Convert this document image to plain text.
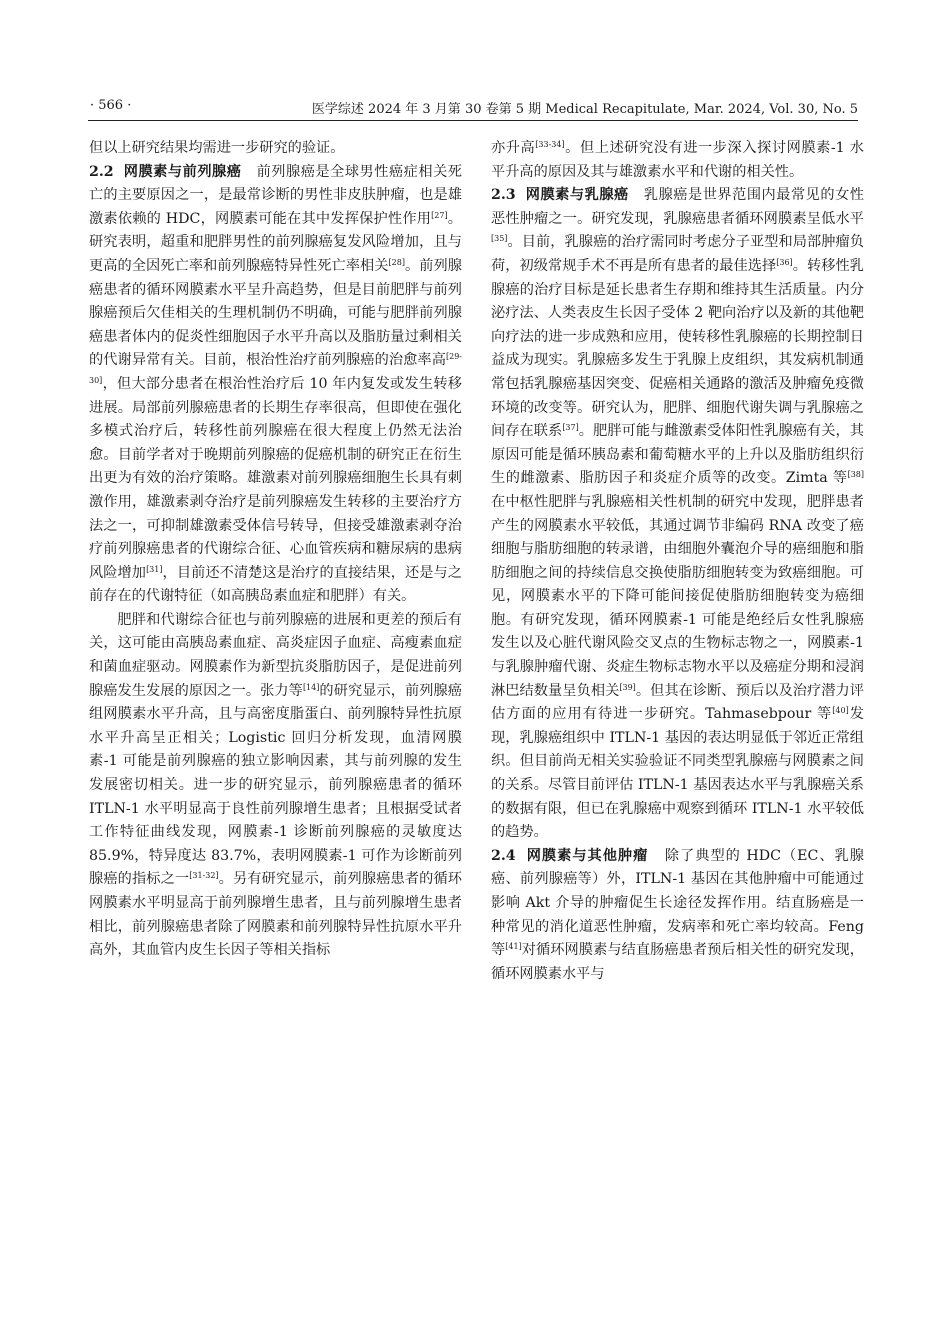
· 566 ·	医学综述 2024 年 3 月第 30 卷第 5 期 Medical Recapitulate, Mar. 2024, Vol. 30, No. 5

但以上研究结果均需进一步研究的验证。

2.2 网膜素与前列腺癌 前列腺癌是全球男性癌症相关死亡的主要原因之一，是最常诊断的男性非皮肤肿瘤，也是雄激素依赖的 HDC，网膜素可能在其中发挥保护性作用[27]。研究表明，超重和肥胖男性的前列腺癌复发风险增加，且与更高的全因死亡率和前列腺癌特异性死亡率相关[28]。前列腺癌患者的循环网膜素水平呈升高趋势，但是目前肥胖与前列腺癌预后欠佳相关的生理机制仍不明确，可能与肥胖前列腺癌患者体内的促炎性细胞因子水平升高以及脂肪量过剩相关的代谢异常有关。目前，根治性治疗前列腺癌的治愈率高[29-30]，但大部分患者在根治性治疗后 10 年内复发或发生转移进展。局部前列腺癌患者的长期生存率很高，但即使在强化多模式治疗后，转移性前列腺癌在很大程度上仍然无法治愈。目前学者对于晚期前列腺癌的促癌机制的研究正在衍生出更为有效的治疗策略。雄激素对前列腺癌细胞生长具有刺激作用，雄激素剥夺治疗是前列腺癌发生转移的主要治疗方法之一，可抑制雄激素受体信号转导，但接受雄激素剥夺治疗前列腺癌患者的代谢综合征、心血管疾病和糖尿病的患病风险增加[31]，目前还不清楚这是治疗的直接结果，还是与之前存在的代谢特征（如高胰岛素血症和肥胖）有关。

肥胖和代谢综合征也与前列腺癌的进展和更差的预后有关，这可能由高胰岛素血症、高炎症因子血症、高瘦素血症和菌血症驱动。网膜素作为新型抗炎脂肪因子，是促进前列腺癌发生发展的原因之一。张力等[14]的研究显示，前列腺癌组网膜素水平升高，且与高密度脂蛋白、前列腺特异性抗原水平升高呈正相关；Logistic 回归分析发现，血清网膜素-1 可能是前列腺癌的独立影响因素，其与前列腺的发生发展密切相关。进一步的研究显示，前列腺癌患者的循环 ITLN-1 水平明显高于良性前列腺增生患者；且根据受试者工作特征曲线发现，网膜素-1 诊断前列腺癌的灵敏度达 85.9%，特异度达 83.7%，表明网膜素-1 可作为诊断前列腺癌的指标之一[31-32]。另有研究显示，前列腺癌患者的循环网膜素水平明显高于前列腺增生患者，且与前列腺增生患者相比，前列腺癌患者除了网膜素和前列腺特异性抗原水平升高外，其血管内皮生长因子等相关指标

亦升高[33-34]。但上述研究没有进一步深入探讨网膜素-1 水平升高的原因及其与雄激素水平和代谢的相关性。

2.3 网膜素与乳腺癌 乳腺癌是世界范围内最常见的女性恶性肿瘤之一。研究发现，乳腺癌患者循环网膜素呈低水平[35]。目前，乳腺癌的治疗需同时考虑分子亚型和局部肿瘤负荷，初级常规手术不再是所有患者的最佳选择[36]。转移性乳腺癌的治疗目标是延长患者生存期和维持其生活质量。内分泌疗法、人类表皮生长因子受体 2 靶向治疗以及新的其他靶向疗法的进一步成熟和应用，使转移性乳腺癌的长期控制日益成为现实。乳腺癌多发生于乳腺上皮组织，其发病机制通常包括乳腺癌基因突变、促癌相关通路的激活及肿瘤免疫微环境的改变等。研究认为，肥胖、细胞代谢失调与乳腺癌之间存在联系[37]。肥胖可能与雌激素受体阳性乳腺癌有关，其原因可能是循环胰岛素和葡萄糖水平的上升以及脂肪组织衍生的雌激素、脂肪因子和炎症介质等的改变。Zimta 等[38]在中枢性肥胖与乳腺癌相关性机制的研究中发现，肥胖患者产生的网膜素水平较低，其通过调节非编码 RNA 改变了癌细胞与脂肪细胞的转录谱，由细胞外囊泡介导的癌细胞和脂肪细胞之间的持续信息交换使脂肪细胞转变为致癌细胞。可见，网膜素水平的下降可能间接促使脂肪细胞转变为癌细胞。有研究发现，循环网膜素-1 可能是绝经后女性乳腺癌发生以及心脏代谢风险交叉点的生物标志物之一，网膜素-1 与乳腺肿瘤代谢、炎症生物标志物水平以及癌症分期和浸润淋巴结数量呈负相关[39]。但其在诊断、预后以及治疗潜力评估方面的应用有待进一步研究。Tahmasebpour 等[40]发现，乳腺癌组织中 ITLN-1 基因的表达明显低于邻近正常组织。但目前尚无相关实验验证不同类型乳腺癌与网膜素之间的关系。尽管目前评估 ITLN-1 基因表达水平与乳腺癌关系的数据有限，但已在乳腺癌中观察到循环 ITLN-1 水平较低的趋势。

2.4 网膜素与其他肿瘤 除了典型的 HDC（EC、乳腺癌、前列腺癌等）外，ITLN-1 基因在其他肿瘤中可能通过影响 Akt 介导的肿瘤促生长途径发挥作用。结直肠癌是一种常见的消化道恶性肿瘤，发病率和死亡率均较高。Feng 等[41]对循环网膜素与结直肠癌患者预后相关性的研究发现，循环网膜素水平与
